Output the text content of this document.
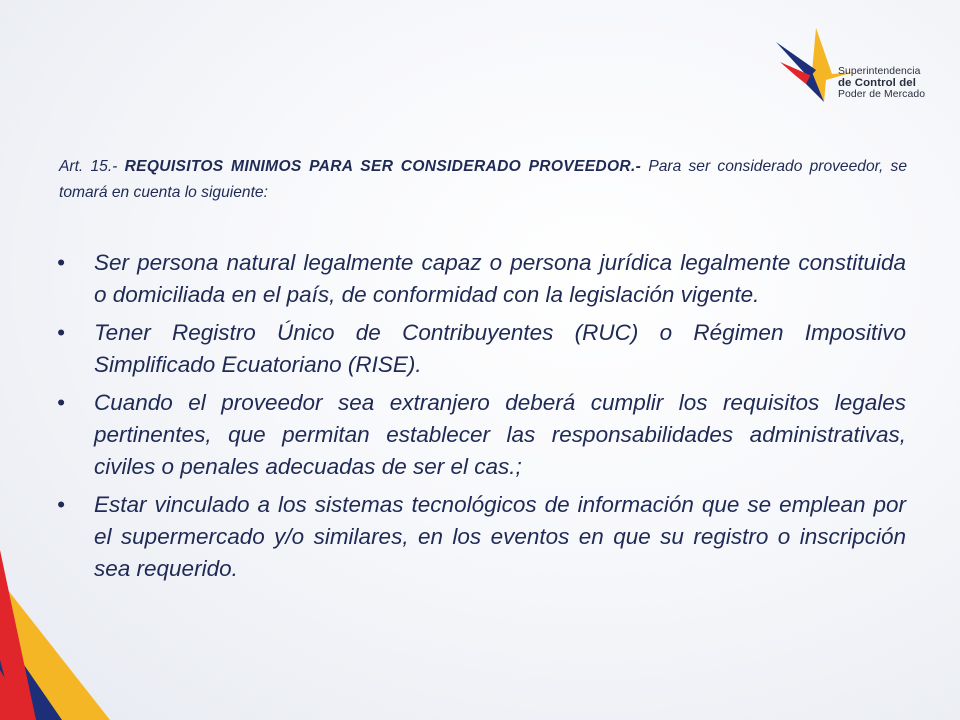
Superintendencia
de Control del
Poder de Mercado
Art. 15.- REQUISITOS MINIMOS PARA SER CONSIDERADO PROVEEDOR.- Para ser considerado proveedor, se tomará en cuenta lo siguiente:
• Ser persona natural legalmente capaz o persona jurídica legalmente constituida o domiciliada en el país, de conformidad con la legislación vigente.
• Tener Registro Único de Contribuyentes (RUC) o Régimen Impositivo Simplificado Ecuatoriano (RISE).
• Cuando el proveedor sea extranjero deberá cumplir los requisitos legales pertinentes, que permitan establecer las responsabilidades administrativas, civiles o penales adecuadas de ser el cas.;
• Estar vinculado a los sistemas tecnológicos de información que se emplean por el supermercado y/o similares, en los eventos en que su registro o inscripción sea requerido.
